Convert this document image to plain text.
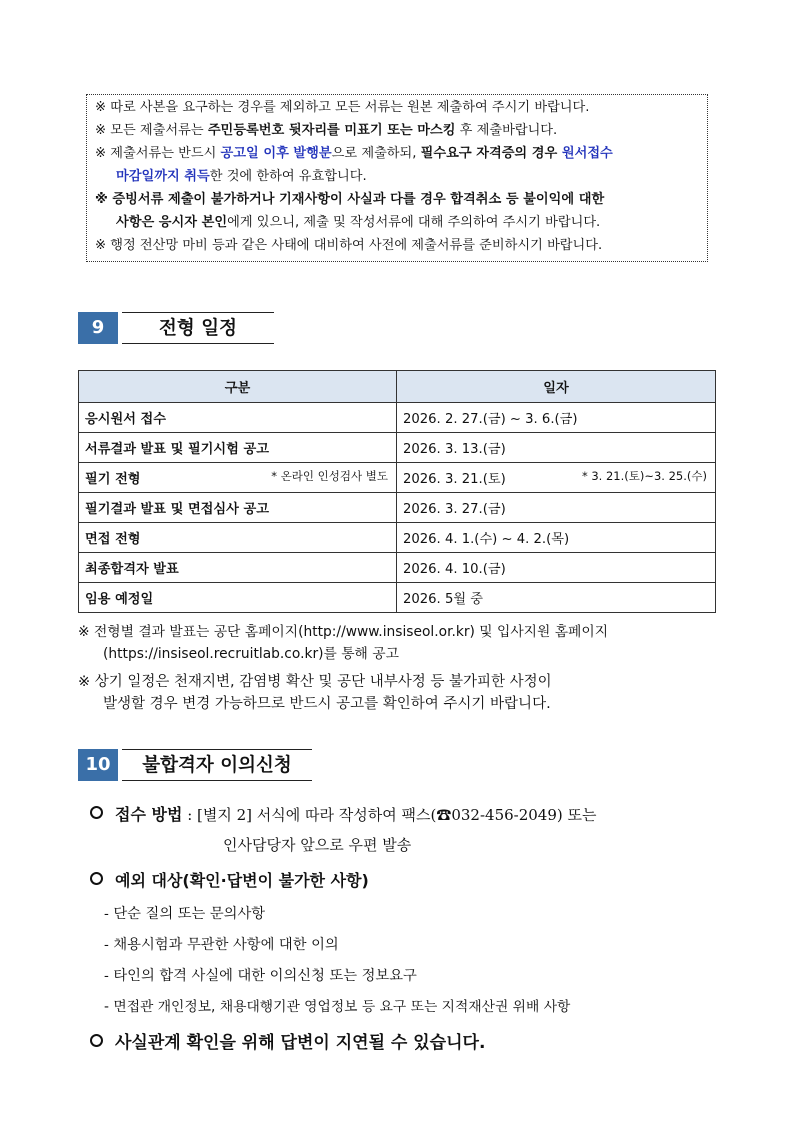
※ 따로 사본을 요구하는 경우를 제외하고 모든 서류는 원본 제출하여 주시기 바랍니다.
※ 모든 제출서류는 주민등록번호 뒷자리를 미표기 또는 마스킹 후 제출바랍니다.
※ 제출서류는 반드시 공고일 이후 발행분으로 제출하되, 필수요구 자격증의 경우 원서접수
마감일까지 취득한 것에 한하여 유효합니다.
※ 증빙서류 제출이 불가하거나 기재사항이 사실과 다를 경우 합격취소 등 불이익에 대한
사항은 응시자 본인에게 있으니, 제출 및 작성서류에 대해 주의하여 주시기 바랍니다.
※ 행정 전산망 마비 등과 같은 사태에 대비하여 사전에 제출서류를 준비하시기 바랍니다.
9	전형 일정
구분	일자
응시원서 접수	2026. 2. 27.(금) ~ 3. 6.(금)
서류결과 발표 및 필기시험 공고	2026. 3. 13.(금)
필기 전형 * 온라인 인성검사 별도	2026. 3. 21.(토) * 3. 21.(토)~3. 25.(수)

필기결과 발표 및 면접심사 공고	2026. 3. 27.(금)
면접 전형	2026. 4. 1.(수) ~ 4. 2.(목)
최종합격자 발표	2026. 4. 10.(금)
임용 예정일	2026. 5월 중
※ 전형별 결과 발표는 공단 홈페이지(http://www.insiseol.or.kr) 및 입사지원 홈페이지
(https://insiseol.recruitlab.co.kr)를 통해 공고
※ 상기 일정은 천재지변, 감염병 확산 및 공단 내부사정 등 불가피한 사정이
발생할 경우 변경 가능하므로 반드시 공고를 확인하여 주시기 바랍니다.
10	불합격자 이의신청
접수 방법 : [별지 2] 서식에 따라 작성하여 팩스(☎032-456-2049) 또는
인사담당자 앞으로 우편 발송
예외 대상(확인·답변이 불가한 사항)
- 단순 질의 또는 문의사항
- 채용시험과 무관한 사항에 대한 이의
- 타인의 합격 사실에 대한 이의신청 또는 정보요구
- 면접관 개인정보, 채용대행기관 영업정보 등 요구 또는 지적재산권 위배 사항
사실관계 확인을 위해 답변이 지연될 수 있습니다.
